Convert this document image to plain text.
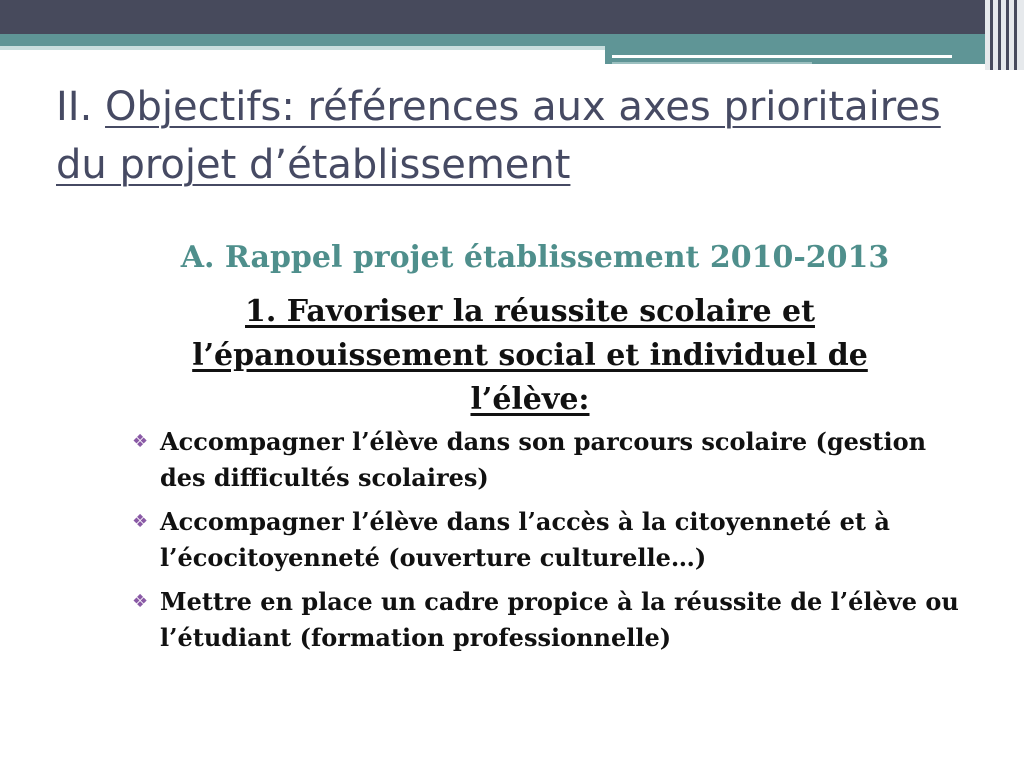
II. Objectifs: références aux axes prioritaires du projet d’établissement
A. Rappel projet établissement 2010-2013
1. Favoriser la réussite scolaire et l’épanouissement social et individuel de l’élève:
❖ Accompagner l’élève dans son parcours scolaire (gestion des difficultés scolaires)
❖ Accompagner l’élève dans l’accès à la citoyenneté et à l’écocitoyenneté (ouverture culturelle…)
❖ Mettre en place un cadre propice à la réussite de l’élève ou l’étudiant (formation professionnelle)
